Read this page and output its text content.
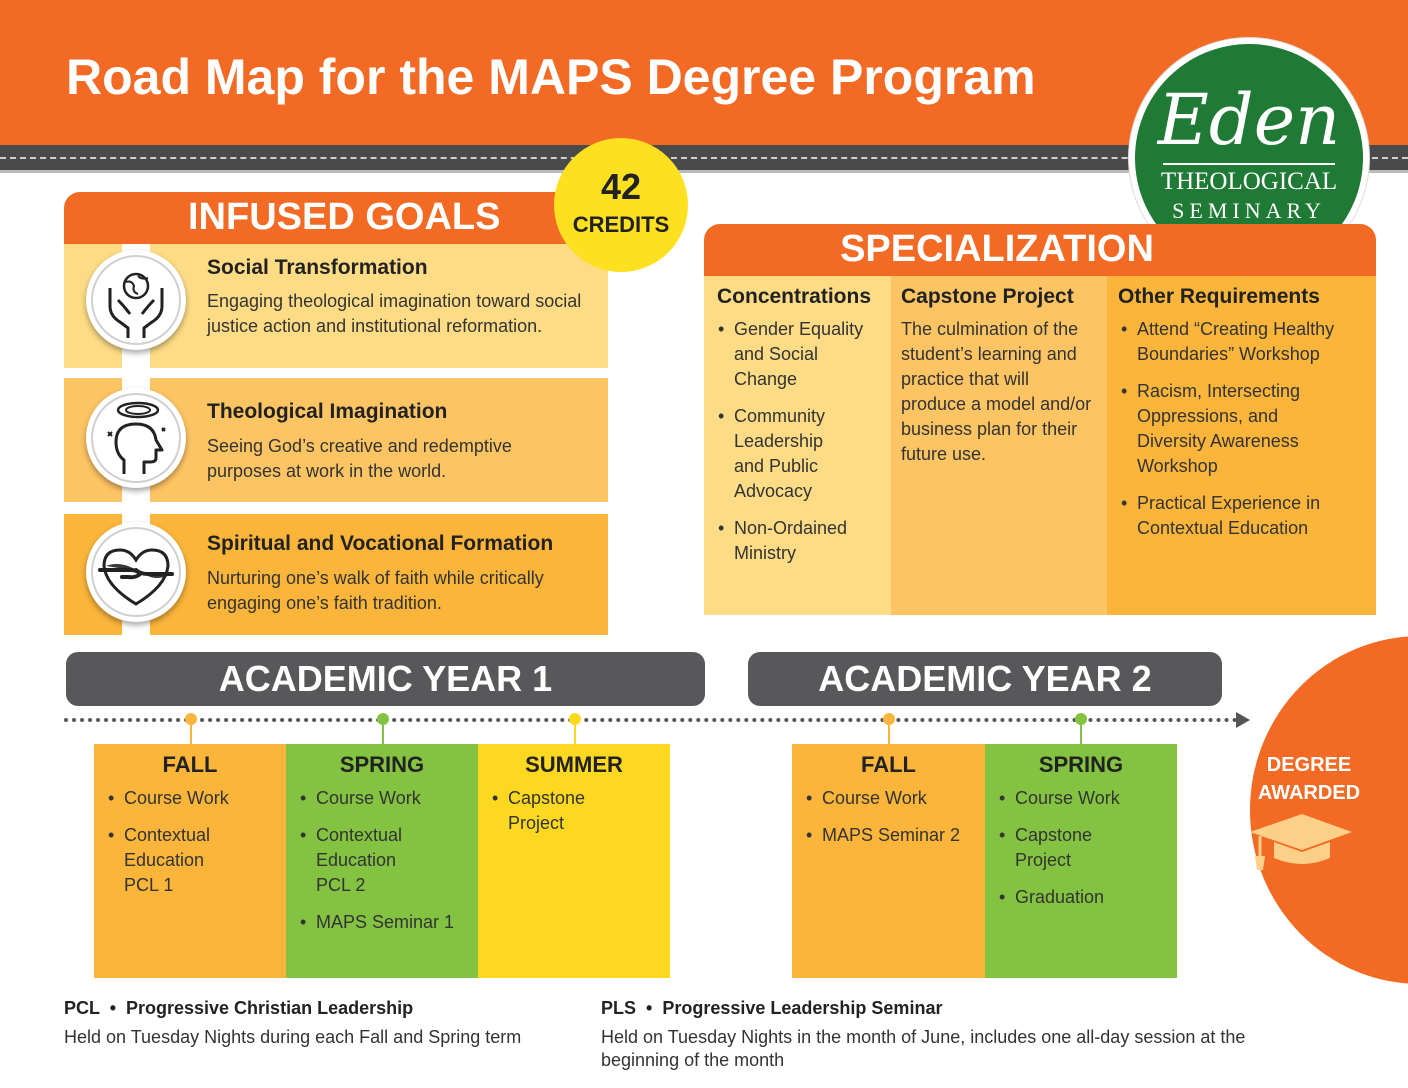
Road Map for the MAPS Degree Program
Eden
THEOLOGICAL
SEMINARY
INFUSED GOALS
Social Transformation
Engaging theological imagination toward social justice action and institutional reformation.
Theological Imagination
Seeing God’s creative and redemptive purposes at work in the world.
Spiritual and Vocational Formation
Nurturing one’s walk of faith while critically engaging one’s faith tradition.
42
CREDITS
SPECIALIZATION
Concentrations
• Gender Equality and Social Change
• Community Leadership and Public Advocacy
• Non-Ordained Ministry
Capstone Project
The culmination of the student’s learning and practice that will produce a model and/or business plan for their future use.
Other Requirements
• Attend “Creating Healthy Boundaries” Workshop
• Racism, Intersecting Oppressions, and Diversity Awareness Workshop
• Practical Experience in Contextual Education
ACADEMIC YEAR 1	ACADEMIC YEAR 2
FALL
• Course Work
• Contextual Education PCL 1
SPRING
• Course Work
• Contextual Education PCL 2
• MAPS Seminar 1
SUMMER
• Capstone Project
FALL
• Course Work
• MAPS Seminar 2
SPRING
• Course Work
• Capstone Project
• Graduation
DEGREE
AWARDED
PCL  •  Progressive Christian Leadership
Held on Tuesday Nights during each Fall and Spring term
PLS  •  Progressive Leadership Seminar
Held on Tuesday Nights in the month of June, includes one all-day session at the beginning of the month
